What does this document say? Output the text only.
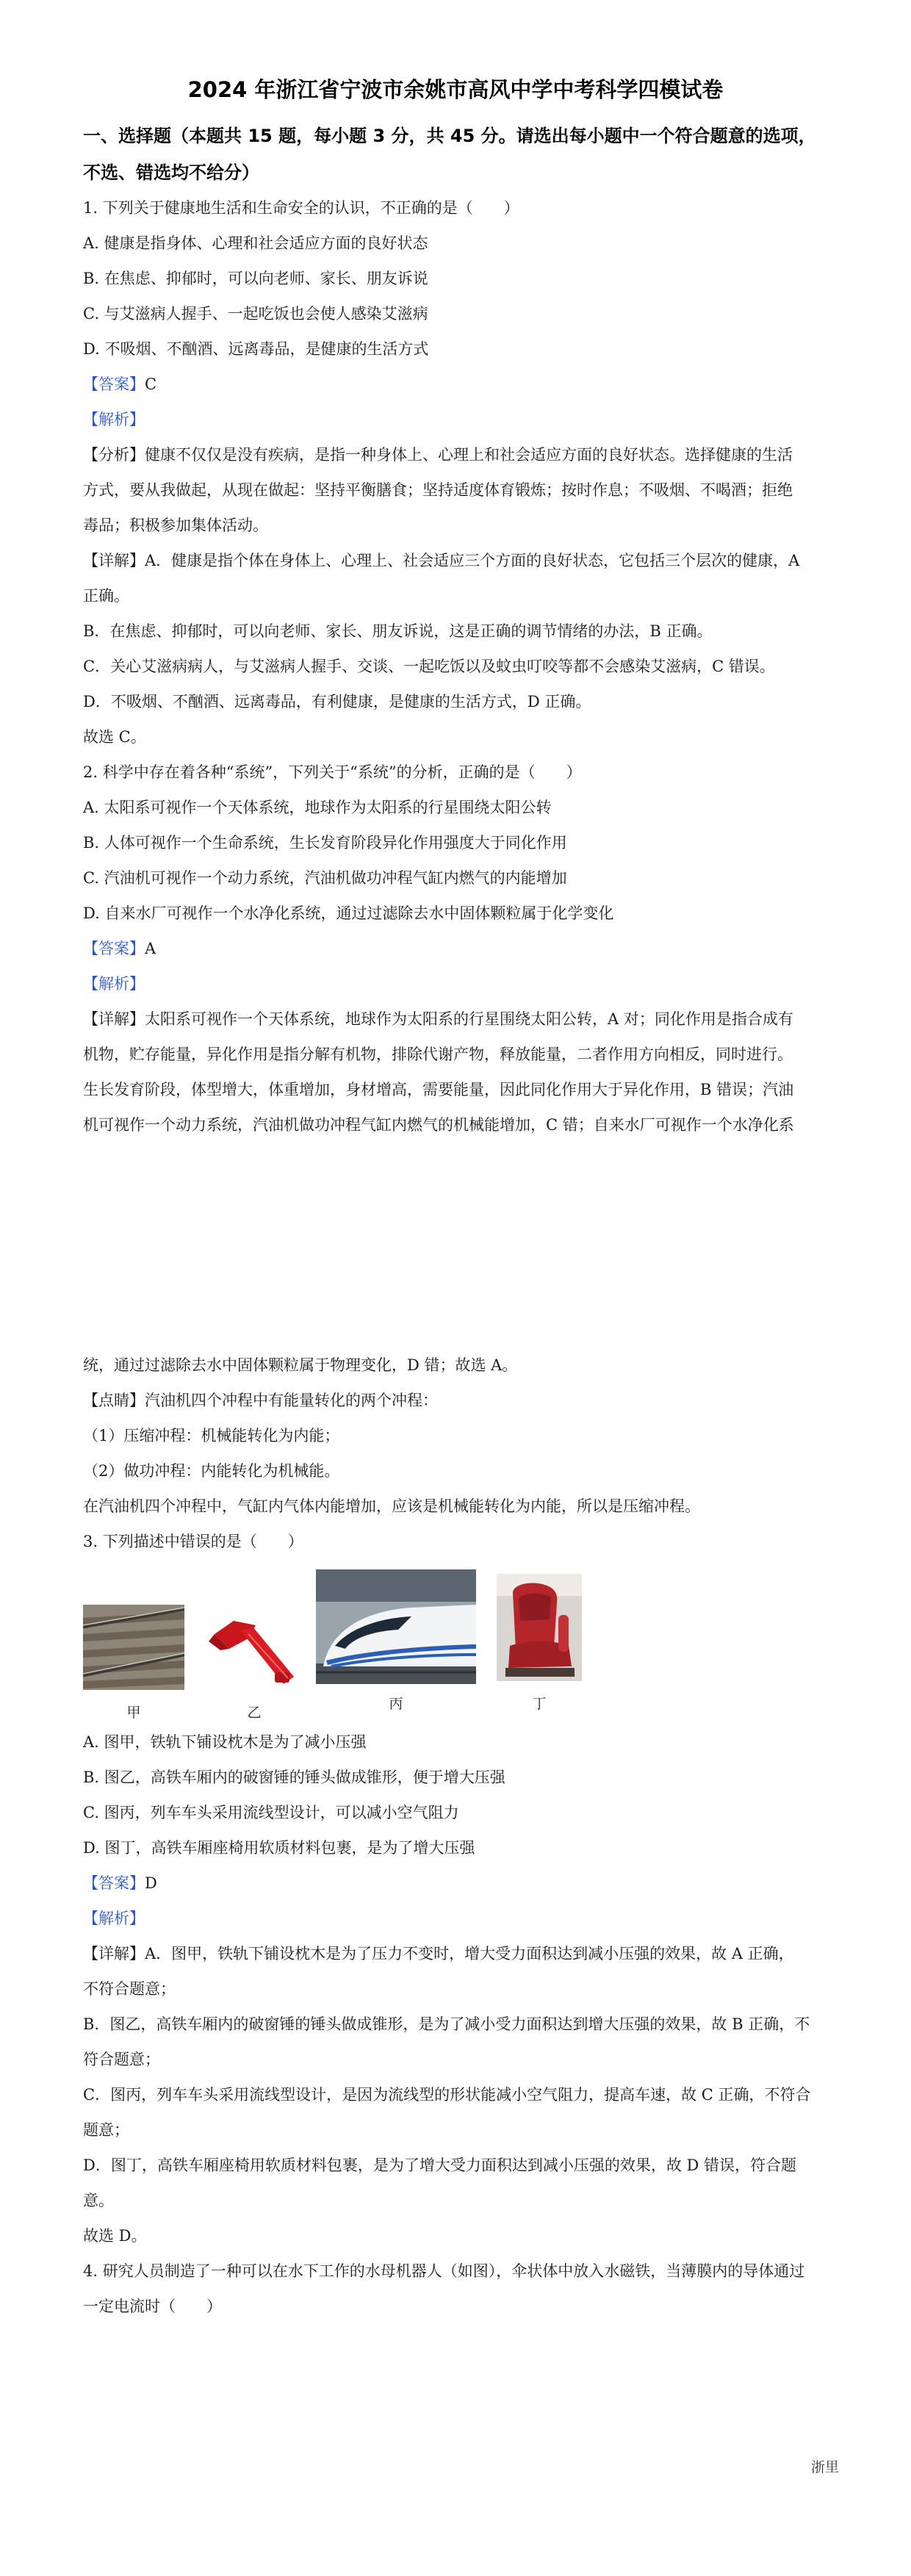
2024 年浙江省宁波市余姚市高风中学中考科学四模试卷
一、选择题（本题共 15 题，每小题 3 分，共 45 分。请选出每小题中一个符合题意的选项，
不选、错选均不给分）
1. 下列关于健康地生活和生命安全的认识，不正确的是（　　）
A. 健康是指身体、心理和社会适应方面的良好状态
B. 在焦虑、抑郁时，可以向老师、家长、朋友诉说
C. 与艾滋病人握手、一起吃饭也会使人感染艾滋病
D. 不吸烟、不酗酒、远离毒品，是健康的生活方式
【答案】C
【解析】
【分析】健康不仅仅是没有疾病，是指一种身体上、心理上和社会适应方面的良好状态。选择健康的生活
方式，要从我做起，从现在做起：坚持平衡膳食；坚持适度体育锻炼；按时作息；不吸烟、不喝酒；拒绝
毒品；积极参加集体活动。
【详解】A．健康是指个体在身体上、心理上、社会适应三个方面的良好状态，它包括三个层次的健康，A
正确。
B．在焦虑、抑郁时，可以向老师、家长、朋友诉说，这是正确的调节情绪的办法，B 正确。
C．关心艾滋病病人，与艾滋病人握手、交谈、一起吃饭以及蚊虫叮咬等都不会感染艾滋病，C 错误。
D．不吸烟、不酗酒、远离毒品，有利健康，是健康的生活方式，D 正确。
故选 C。
2. 科学中存在着各种“系统”，下列关于“系统”的分析，正确的是（　　）
A. 太阳系可视作一个天体系统，地球作为太阳系的行星围绕太阳公转
B. 人体可视作一个生命系统，生长发育阶段异化作用强度大于同化作用
C. 汽油机可视作一个动力系统，汽油机做功冲程气缸内燃气的内能增加
D. 自来水厂可视作一个水净化系统，通过过滤除去水中固体颗粒属于化学变化
【答案】A
【解析】
【详解】太阳系可视作一个天体系统，地球作为太阳系的行星围绕太阳公转，A 对；同化作用是指合成有
机物，贮存能量，异化作用是指分解有机物，排除代谢产物，释放能量，二者作用方向相反，同时进行。
生长发育阶段，体型增大，体重增加，身材增高，需要能量，因此同化作用大于异化作用，B 错误；汽油
机可视作一个动力系统，汽油机做功冲程气缸内燃气的机械能增加，C 错；自来水厂可视作一个水净化系
统，通过过滤除去水中固体颗粒属于物理变化，D 错；故选 A。
【点睛】汽油机四个冲程中有能量转化的两个冲程：
（1）压缩冲程：机械能转化为内能；
（2）做功冲程：内能转化为机械能。
在汽油机四个冲程中，气缸内气体内能增加，应该是机械能转化为内能，所以是压缩冲程。
3. 下列描述中错误的是（　　）
甲	乙
丙	丁
A. 图甲，铁轨下铺设枕木是为了减小压强
B. 图乙，高铁车厢内的破窗锤的锤头做成锥形，便于增大压强
C. 图丙，列车车头采用流线型设计，可以减小空气阻力
D. 图丁，高铁车厢座椅用软质材料包裹，是为了增大压强
【答案】D
【解析】
【详解】A．图甲，铁轨下铺设枕木是为了压力不变时，增大受力面积达到减小压强的效果，故 A 正确，
不符合题意；
B．图乙，高铁车厢内的破窗锤的锤头做成锥形，是为了减小受力面积达到增大压强的效果，故 B 正确，不
符合题意；
C．图丙，列车车头采用流线型设计，是因为流线型的形状能减小空气阻力，提高车速，故 C 正确，不符合
题意；
D．图丁，高铁车厢座椅用软质材料包裹，是为了增大受力面积达到减小压强的效果，故 D 错误，符合题
意。
故选 D。
4. 研究人员制造了一种可以在水下工作的水母机器人（如图），伞状体中放入水磁铁，当薄膜内的导体通过
一定电流时（　　）
浙里
